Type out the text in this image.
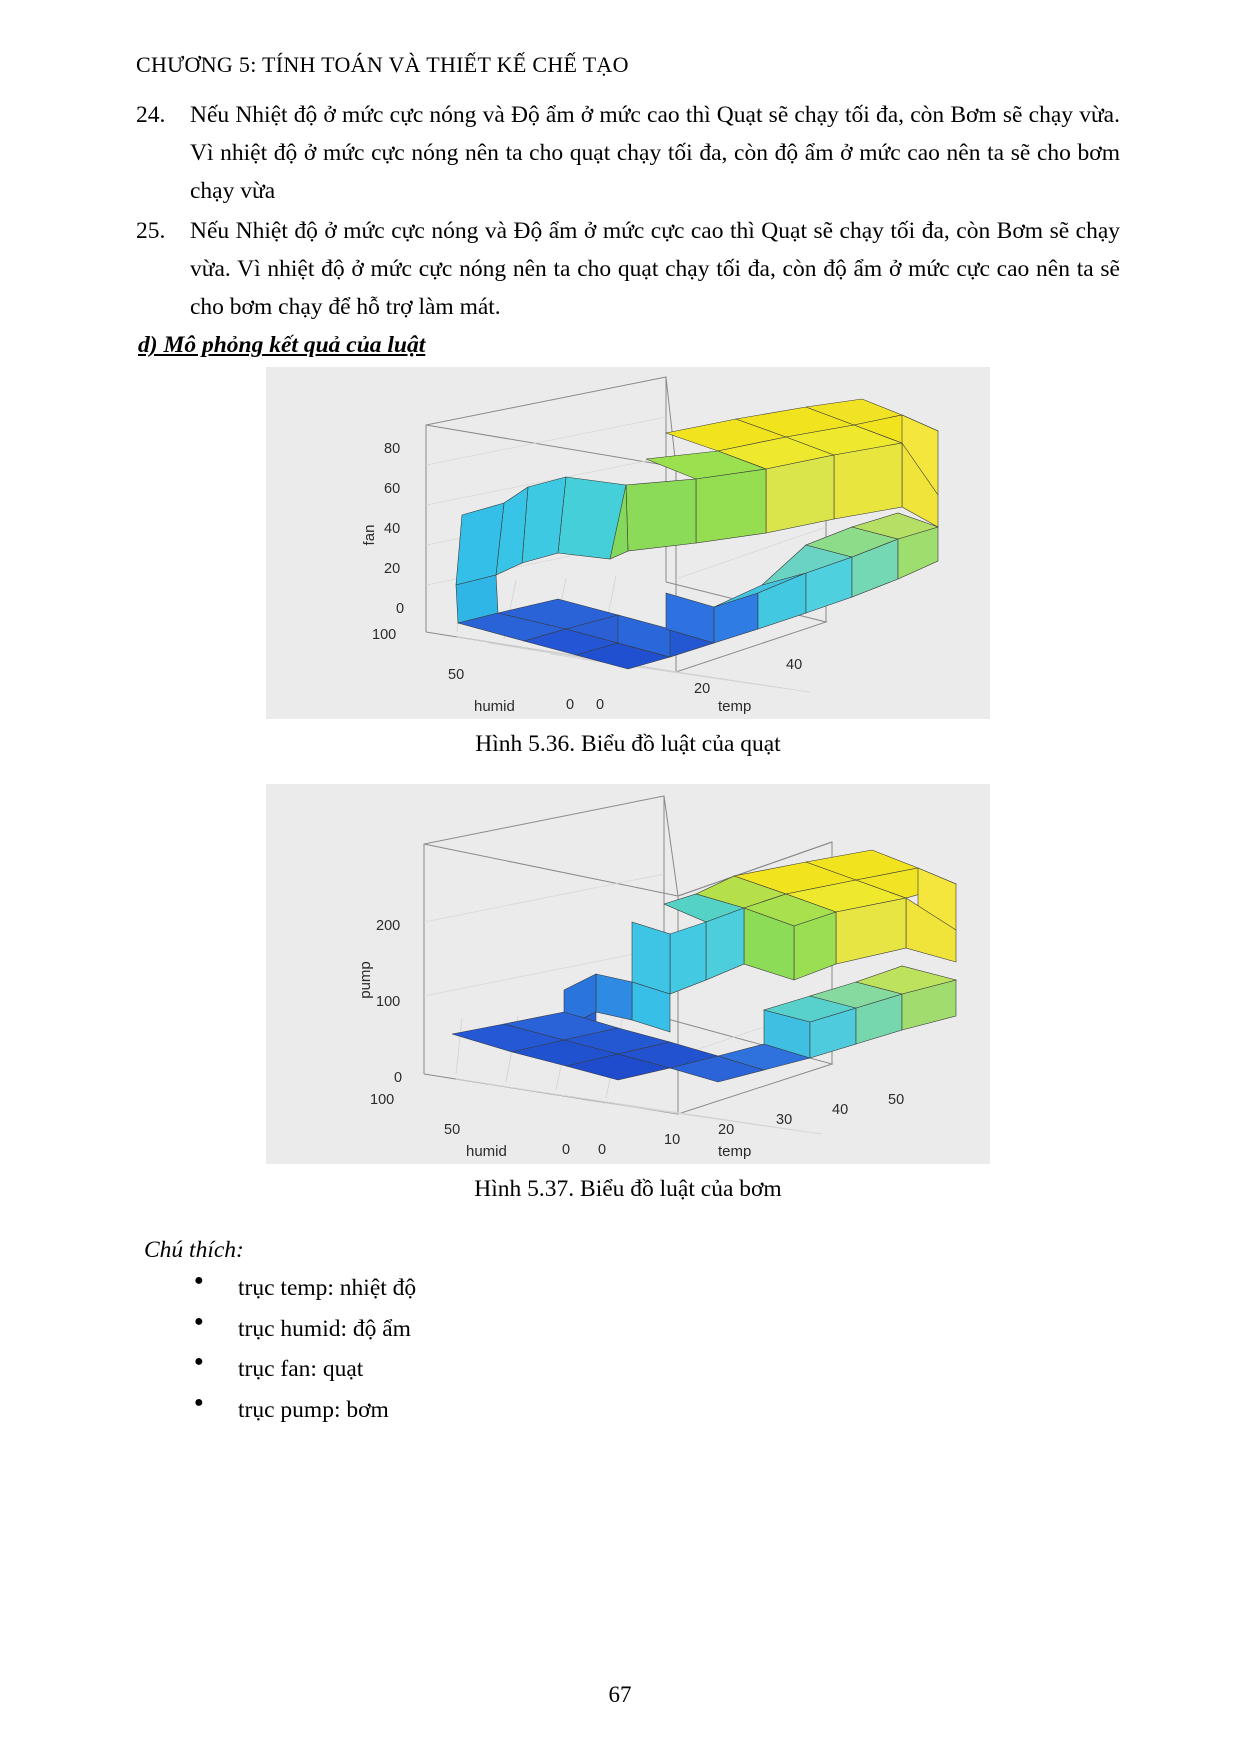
CHƯƠNG 5: TÍNH TOÁN VÀ THIẾT KẾ CHẾ TẠO
24.	Nếu Nhiệt độ ở mức cực nóng và Độ ẩm ở mức cao thì Quạt sẽ chạy tối đa, còn Bơm sẽ chạy vừa. Vì nhiệt độ ở mức cực nóng nên ta cho quạt chạy tối đa, còn độ ẩm ở mức cao nên ta sẽ cho bơm chạy vừa
25.	Nếu Nhiệt độ ở mức cực nóng và Độ ẩm ở mức cực cao thì Quạt sẽ chạy tối đa, còn Bơm sẽ chạy vừa. Vì nhiệt độ ở mức cực nóng nên ta cho quạt chạy tối đa, còn độ ẩm ở mức cực cao nên ta sẽ cho bơm chạy để hỗ trợ làm mát.
d) Mô phỏng kết quả của luật
80
60
40
20
0
100
50
0 0
20
40
fan
humid	temp
Hình 5.36. Biểu đồ luật của quạt
200
100
0
100
50
0 0
10
20
30
40
50
pump
humid	temp
Hình 5.37. Biểu đồ luật của bơm
Chú thích:
● trục temp: nhiệt độ
● trục humid: độ ẩm
● trục fan: quạt
● trục pump: bơm
67
